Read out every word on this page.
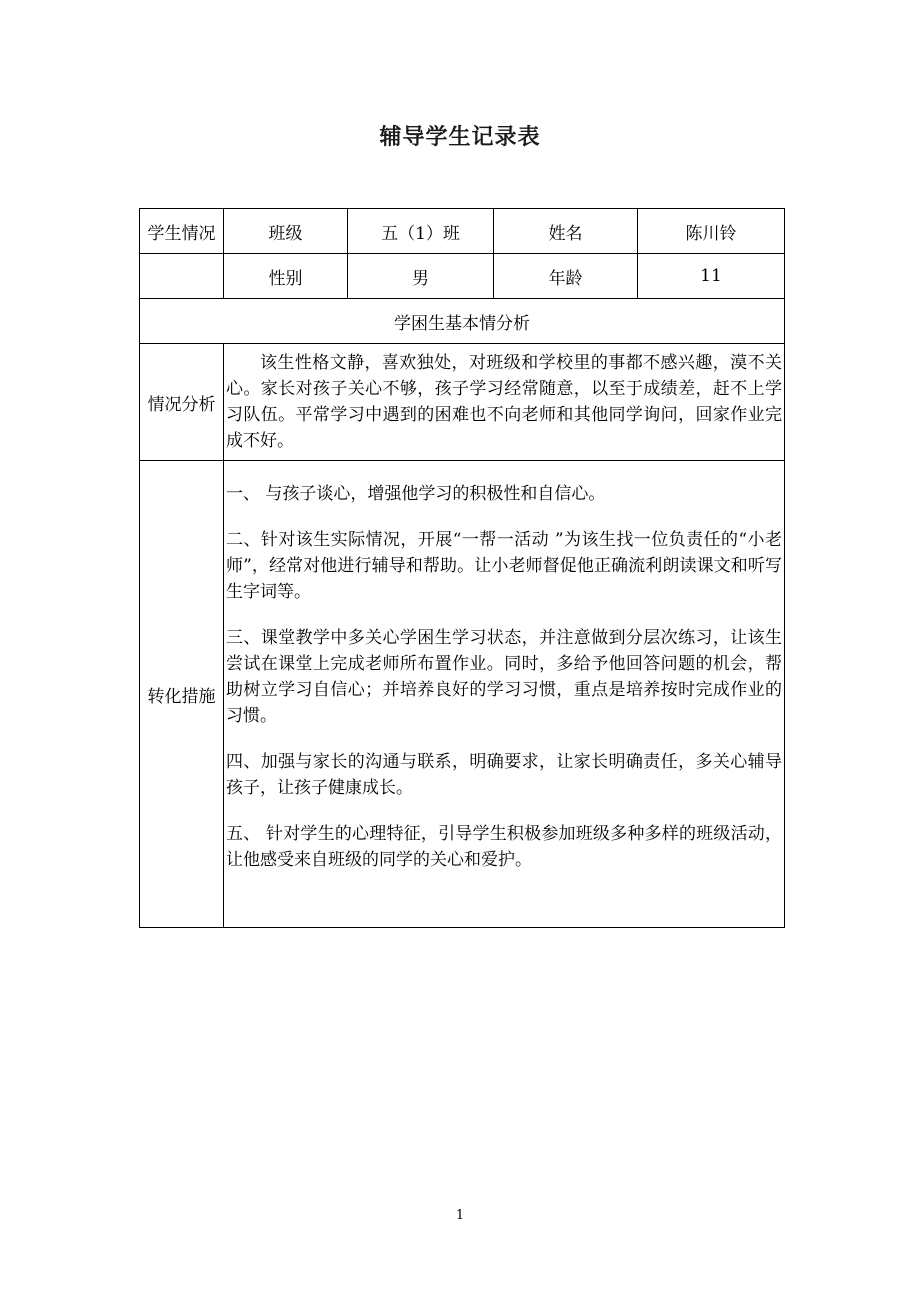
辅导学生记录表
学生情况	班级	五（1）班	姓名	陈川铃
	性别	男	年龄	11
学困生基本情分析				
情况分析	该生性格文静，喜欢独处，对班级和学校里的事都不感兴趣，漠不关心。家长对孩子关心不够，孩子学习经常随意，以至于成绩差，赶不上学习队伍。平常学习中遇到的困难也不向老师和其他同学询问，回家作业完成不好。			

转化措施	一、 与孩子谈心，增强他学习的积极性和自信心。
二、针对该生实际情况，开展“一帮一活动 ”为该生找一位负责任的“小老师”，经常对他进行辅导和帮助。让小老师督促他正确流利朗读课文和听写生字词等。
三、课堂教学中多关心学困生学习状态，并注意做到分层次练习，让该生尝试在课堂上完成老师所布置作业。同时，多给予他回答问题的机会，帮助树立学习自信心；并培养良好的学习习惯，重点是培养按时完成作业的习惯。
四、加强与家长的沟通与联系，明确要求，让家长明确责任，多关心辅导孩子，让孩子健康成长。
五、 针对学生的心理特征，引导学生积极参加班级多种多样的班级活动，让他感受来自班级的同学的关心和爱护。			
1
